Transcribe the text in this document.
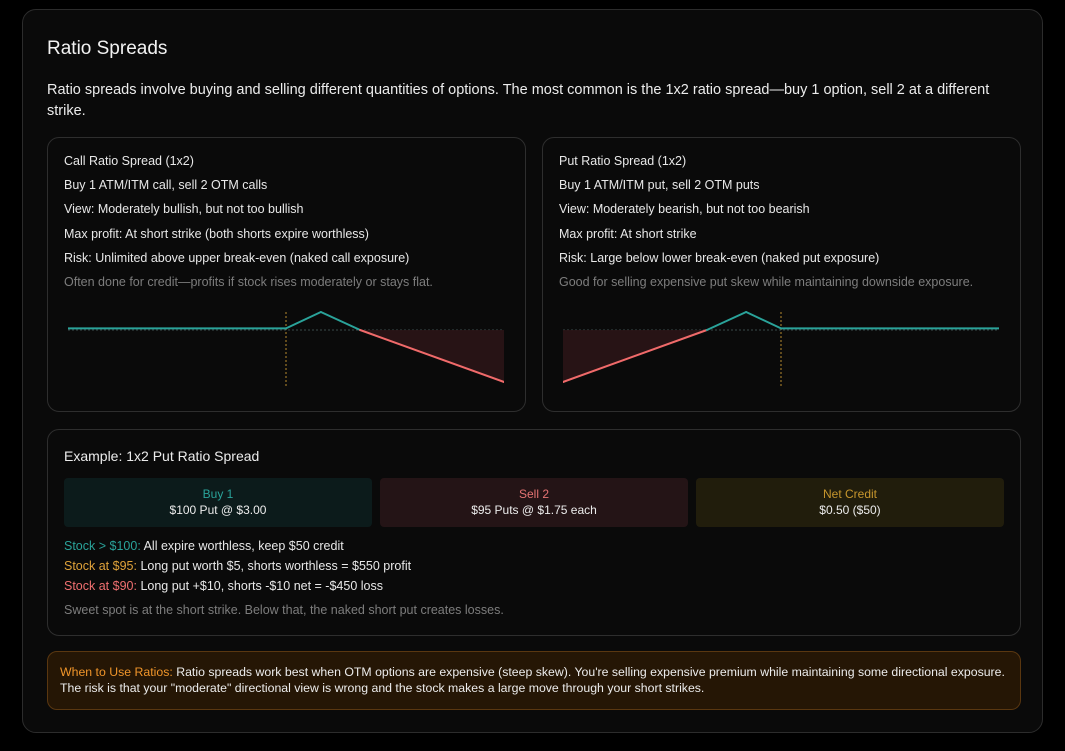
Ratio Spreads

Ratio spreads involve buying and selling different quantities of options. The most common is the 1x2 ratio spread—buy 1 option, sell 2 at a different strike.

Call Ratio Spread (1x2)
Buy 1 ATM/ITM call, sell 2 OTM calls
View: Moderately bullish, but not too bullish
Max profit: At short strike (both shorts expire worthless)
Risk: Unlimited above upper break-even (naked call exposure)
Often done for credit—profits if stock rises moderately or stays flat.
Put Ratio Spread (1x2)
Buy 1 ATM/ITM put, sell 2 OTM puts
View: Moderately bearish, but not too bearish
Max profit: At short strike
Risk: Large below lower break-even (naked put exposure)
Good for selling expensive put skew while maintaining downside exposure.
Example: 1x2 Put Ratio Spread
Buy 1
$100 Put @ $3.00
Sell 2
$95 Puts @ $1.75 each
Net Credit
$0.50 ($50)
Stock > $100: All expire worthless, keep $50 credit
Stock at $95: Long put worth $5, shorts worthless = $550 profit
Stock at $90: Long put +$10, shorts -$10 net = -$450 loss
Sweet spot is at the short strike. Below that, the naked short put creates losses.
When to Use Ratios: Ratio spreads work best when OTM options are expensive (steep skew). You're selling expensive premium while maintaining some directional exposure. The risk is that your "moderate" directional view is wrong and the stock makes a large move through your short strikes.
